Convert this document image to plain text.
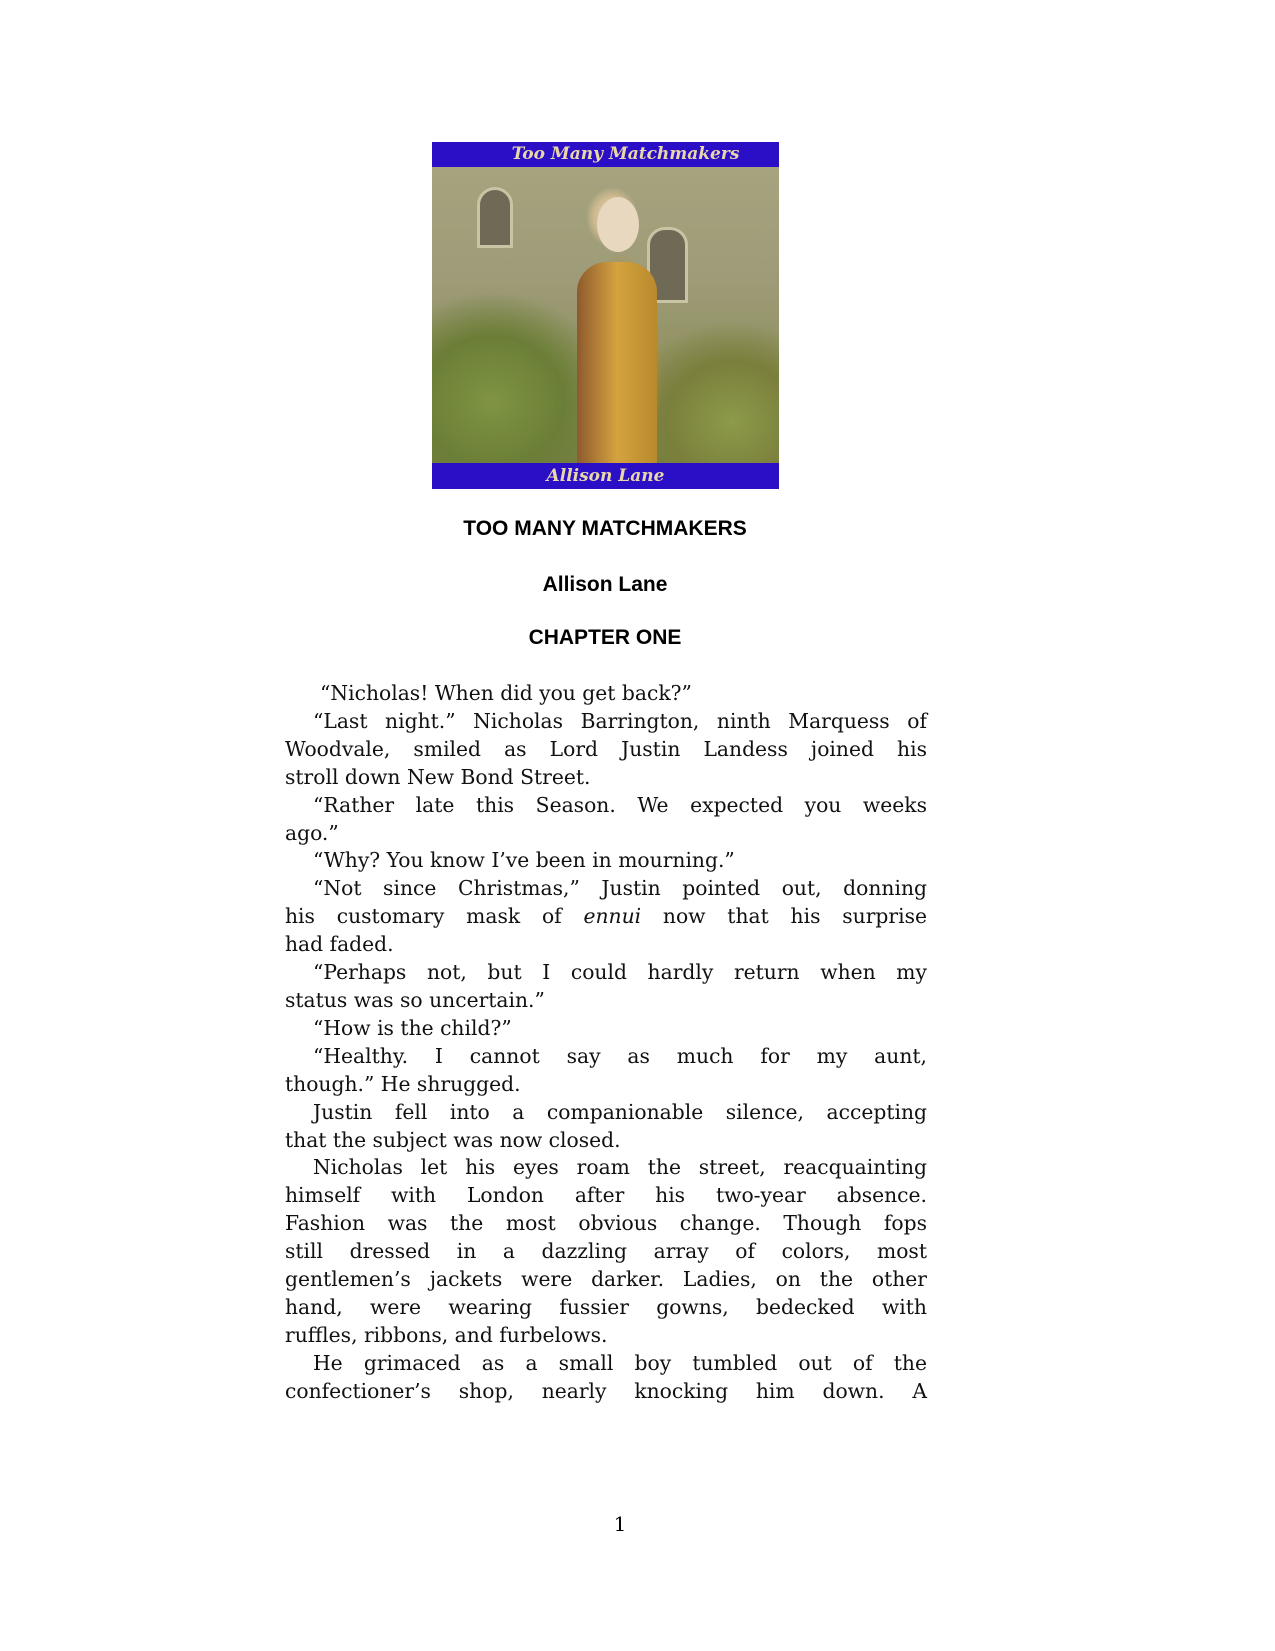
Too Many Matchmakers
Allison Lane
TOO MANY MATCHMAKERS
Allison Lane
CHAPTER ONE
“Nicholas! When did you get back?”
“Last night.” Nicholas Barrington, ninth Marquess of
Woodvale, smiled as Lord Justin Landess joined his
stroll down New Bond Street.
“Rather late this Season. We expected you weeks
ago.”
“Why? You know I’ve been in mourning.”
“Not since Christmas,” Justin pointed out, donning
his customary mask of ennui now that his surprise
had faded.
“Perhaps not, but I could hardly return when my
status was so uncertain.”
“How is the child?”
“Healthy. I cannot say as much for my aunt,
though.” He shrugged.
Justin fell into a companionable silence, accepting
that the subject was now closed.
Nicholas let his eyes roam the street, reacquainting
himself with London after his two-year absence.
Fashion was the most obvious change. Though fops
still dressed in a dazzling array of colors, most
gentlemen’s jackets were darker. Ladies, on the other
hand, were wearing fussier gowns, bedecked with
ruffles, ribbons, and furbelows.
He grimaced as a small boy tumbled out of the
confectioner’s shop, nearly knocking him down. A
1
